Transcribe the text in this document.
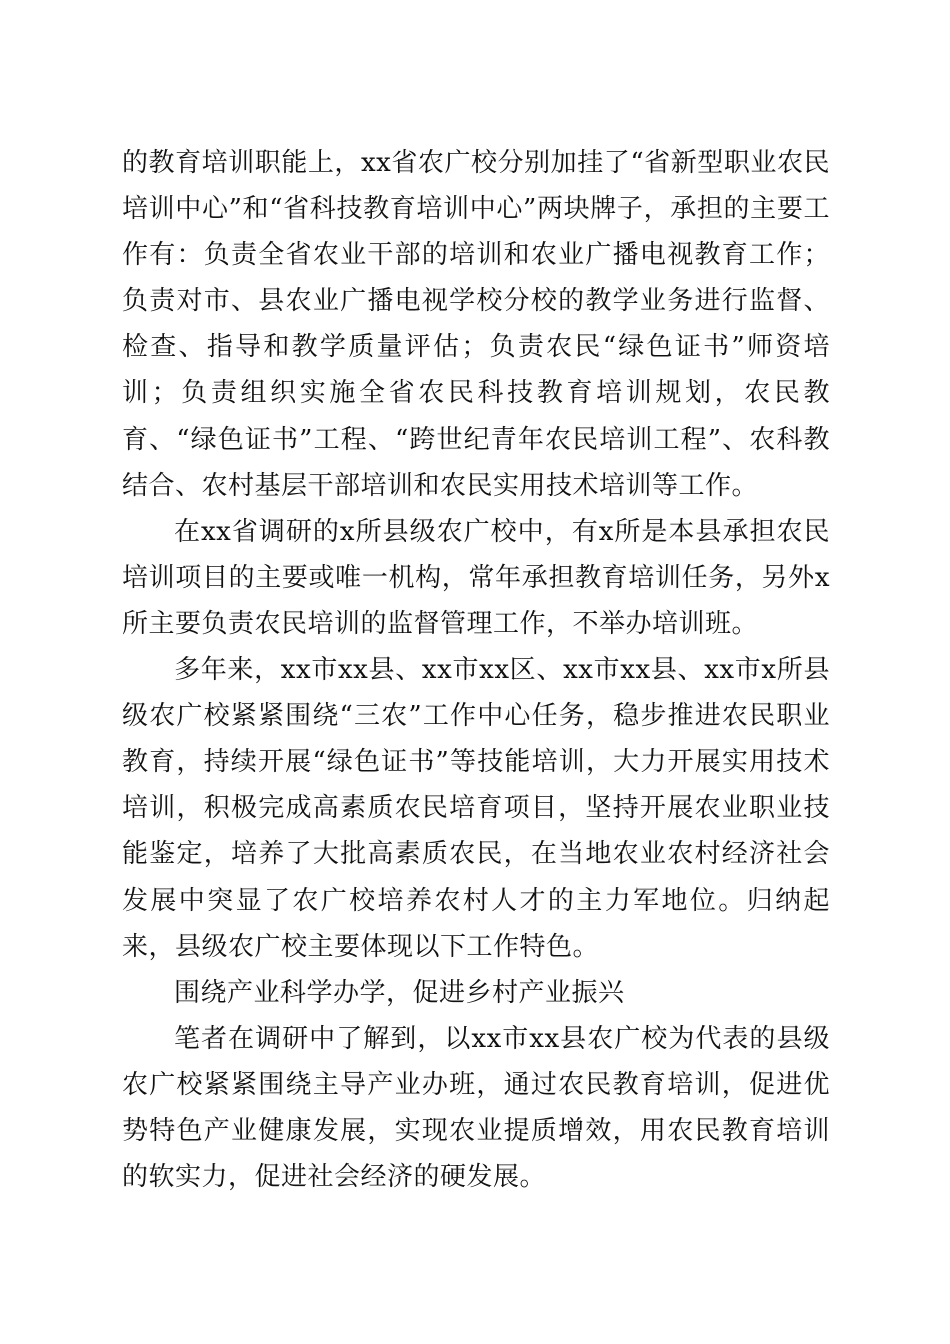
的教育培训职能上，xx省农广校分别加挂了“省新型职业农民培训中心”和“省科技教育培训中心”两块牌子，承担的主要工作有：负责全省农业干部的培训和农业广播电视教育工作；负责对市、县农业广播电视学校分校的教学业务进行监督、检查、指导和教学质量评估；负责农民“绿色证书”师资培训；负责组织实施全省农民科技教育培训规划，农民教育、“绿色证书”工程、“跨世纪青年农民培训工程”、农科教结合、农村基层干部培训和农民实用技术培训等工作。

在xx省调研的x所县级农广校中，有x所是本县承担农民培训项目的主要或唯一机构，常年承担教育培训任务，另外x所主要负责农民培训的监督管理工作，不举办培训班。

多年来，xx市xx县、xx市xx区、xx市xx县、xx市x所县级农广校紧紧围绕“三农”工作中心任务，稳步推进农民职业教育，持续开展“绿色证书”等技能培训，大力开展实用技术培训，积极完成高素质农民培育项目，坚持开展农业职业技能鉴定，培养了大批高素质农民，在当地农业农村经济社会发展中突显了农广校培养农村人才的主力军地位。归纳起来，县级农广校主要体现以下工作特色。

围绕产业科学办学，促进乡村产业振兴

笔者在调研中了解到，以xx市xx县农广校为代表的县级农广校紧紧围绕主导产业办班，通过农民教育培训，促进优势特色产业健康发展，实现农业提质增效，用农民教育培训的软实力，促进社会经济的硬发展。
